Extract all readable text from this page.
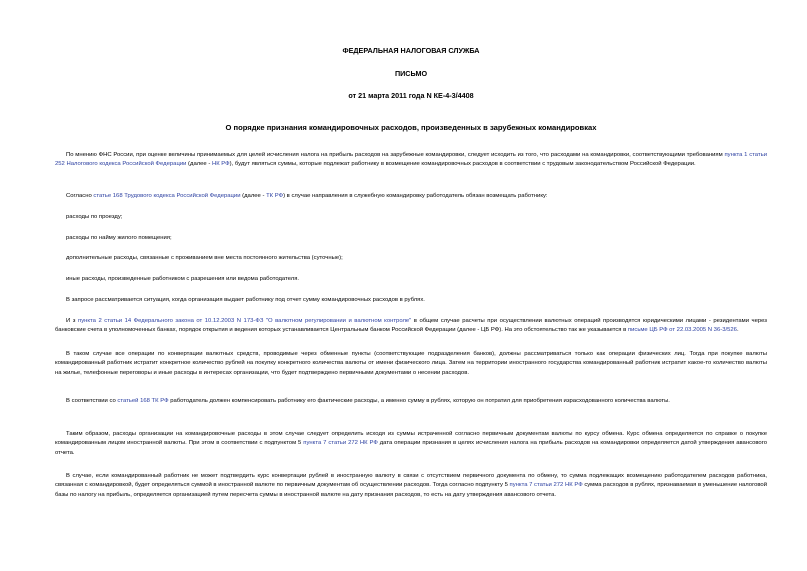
ФЕДЕРАЛЬНАЯ НАЛОГОВАЯ СЛУЖБА

ПИСЬМО

от 21 марта 2011 года N КЕ-4-3/4408

О порядке признания командировочных расходов, произведенных в зарубежных командировках

По мнению ФНС России, при оценке величины принимаемых для целей исчисления налога на прибыль расходов на зарубежные командировки, следует исходить из того, что расходами на командировки, соответствующими требованиям пункта 1 статьи 252 Налогового кодекса Российской Федерации (далее - НК РФ), будут являться суммы, которые подлежат работнику в возмещение командировочных расходов в соответствии с трудовым законодательством Российской Федерации.

Согласно статье 168 Трудового кодекса Российской Федерации (далее - ТК РФ) в случае направления в служебную командировку работодатель обязан возмещать работнику:

расходы по проезду;

расходы по найму жилого помещения;

дополнительные расходы, связанные с проживанием вне места постоянного жительства (суточные);

иные расходы, произведенные работником с разрешения или ведома работодателя.

В запросе рассматривается ситуация, когда организация выдает работнику под отчет сумму командировочных расходов в рублях.

И з пункта 2 статьи 14 Федерального закона от 10.12.2003 N 173-ФЗ "О валютном регулировании и валютном контроле" в общем случае расчеты при осуществлении валютных операций производятся юридическими лицами - резидентами через банковские счета в уполномоченных банках, порядок открытия и ведения которых устанавливается Центральным банком Российской Федерации (далее - ЦБ РФ). На это обстоятельство так же указывается в письме ЦБ РФ от 22.03.2005 N 36-3/526.

В таком случае все операции по конвертации валютных средств, проводимые через обменные пункты (соответствующие подразделения банков), должны рассматриваться только как операции физических лиц. Тогда при покупке валюты командированный работник истратит конкретное количество рублей на покупку конкретного количества валюты от имени физического лица. Затем на территории иностранного государства командированный работник истратит какое-то количество валюты на жилье, телефонные переговоры и иные расходы в интересах организации, что будет подтверждено первичными документами о несении расходов.

В соответствии со статьей 168 ТК РФ работодатель должен компенсировать работнику его фактические расходы, а именно сумму в рублях, которую он потратил для приобретения израсходованного количества валюты.

Таким образом, расходы организации на командировочные расходы в этом случае следует определить исходя из суммы истраченной согласно первичным документам валюты по курсу обмена. Курс обмена определяется по справке о покупке командированным лицом иностранной валюты. При этом в соответствии с подпунктом 5 пункта 7 статьи 272 НК РФ дата операции признания в целях исчисления налога на прибыль расходов на командировки определяется датой утверждения авансового отчета.

В случае, если командированный работник не может подтвердить курс конвертации рублей в иностранную валюту в связи с отсутствием первичного документа по обмену, то сумма подлежащих возмещению работодателем расходов работника, связанная с командировкой, будет определяться суммой в иностранной валюте по первичным документам об осуществлении расходов. Тогда согласно подпункту 5 пункта 7 статьи 272 НК РФ сумма расходов в рублях, признаваемая в уменьшение налоговой базы по налогу на прибыль, определяется организацией путем пересчета суммы в иностранной валюте на дату признания расходов, то есть на дату утверждения авансового отчета.
